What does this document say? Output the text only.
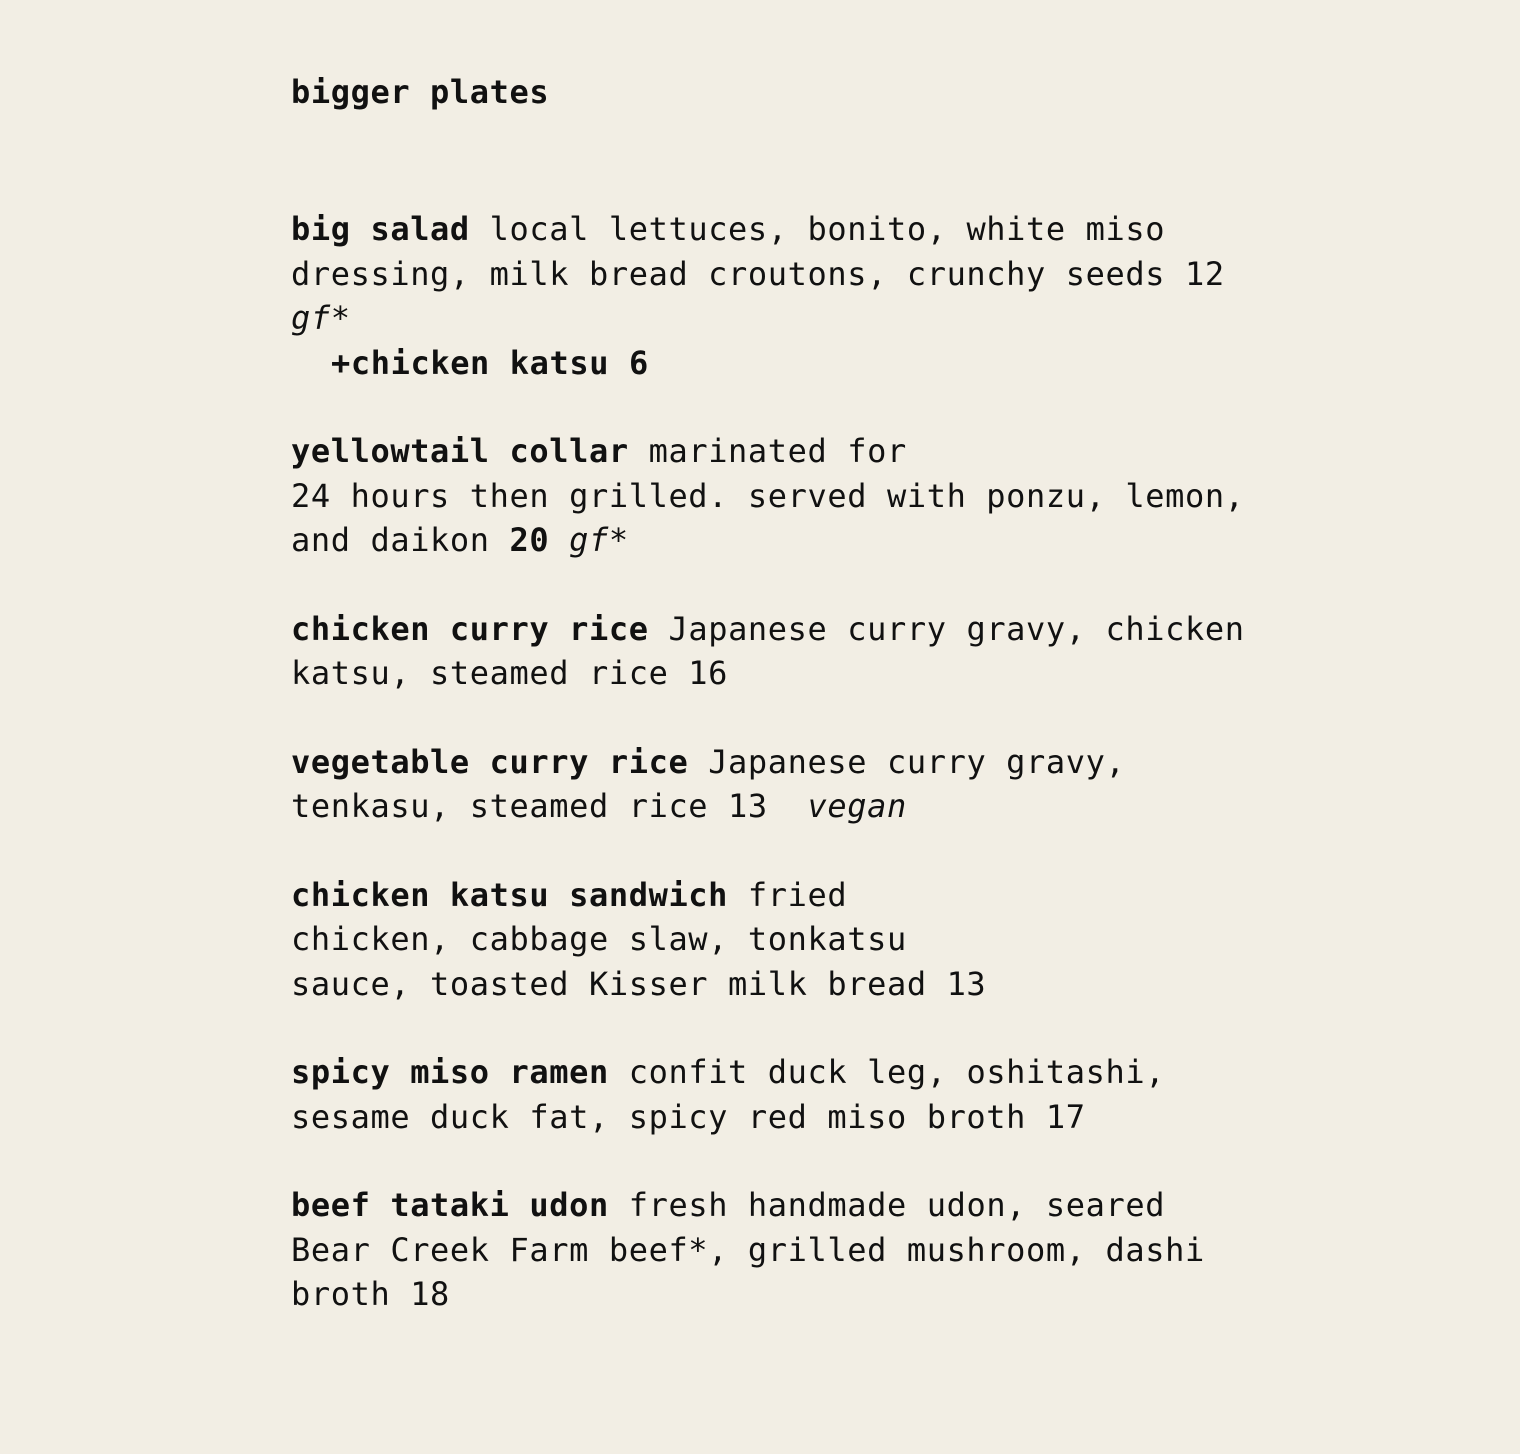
bigger plates
big salad local lettuces, bonito, white miso
dressing, milk bread croutons, crunchy seeds 12
gf*
+chicken katsu 6
yellowtail collar marinated for
24 hours then grilled. served with ponzu, lemon,
and daikon 20 gf*
chicken curry rice Japanese curry gravy, chicken
katsu, steamed rice 16
vegetable curry rice Japanese curry gravy,
tenkasu, steamed rice 13 vegan
chicken katsu sandwich fried
chicken, cabbage slaw, tonkatsu
sauce, toasted Kisser milk bread 13
spicy miso ramen confit duck leg, oshitashi,
sesame duck fat, spicy red miso broth 17
beef tataki udon fresh handmade udon, seared
Bear Creek Farm beef*, grilled mushroom, dashi
broth 18
